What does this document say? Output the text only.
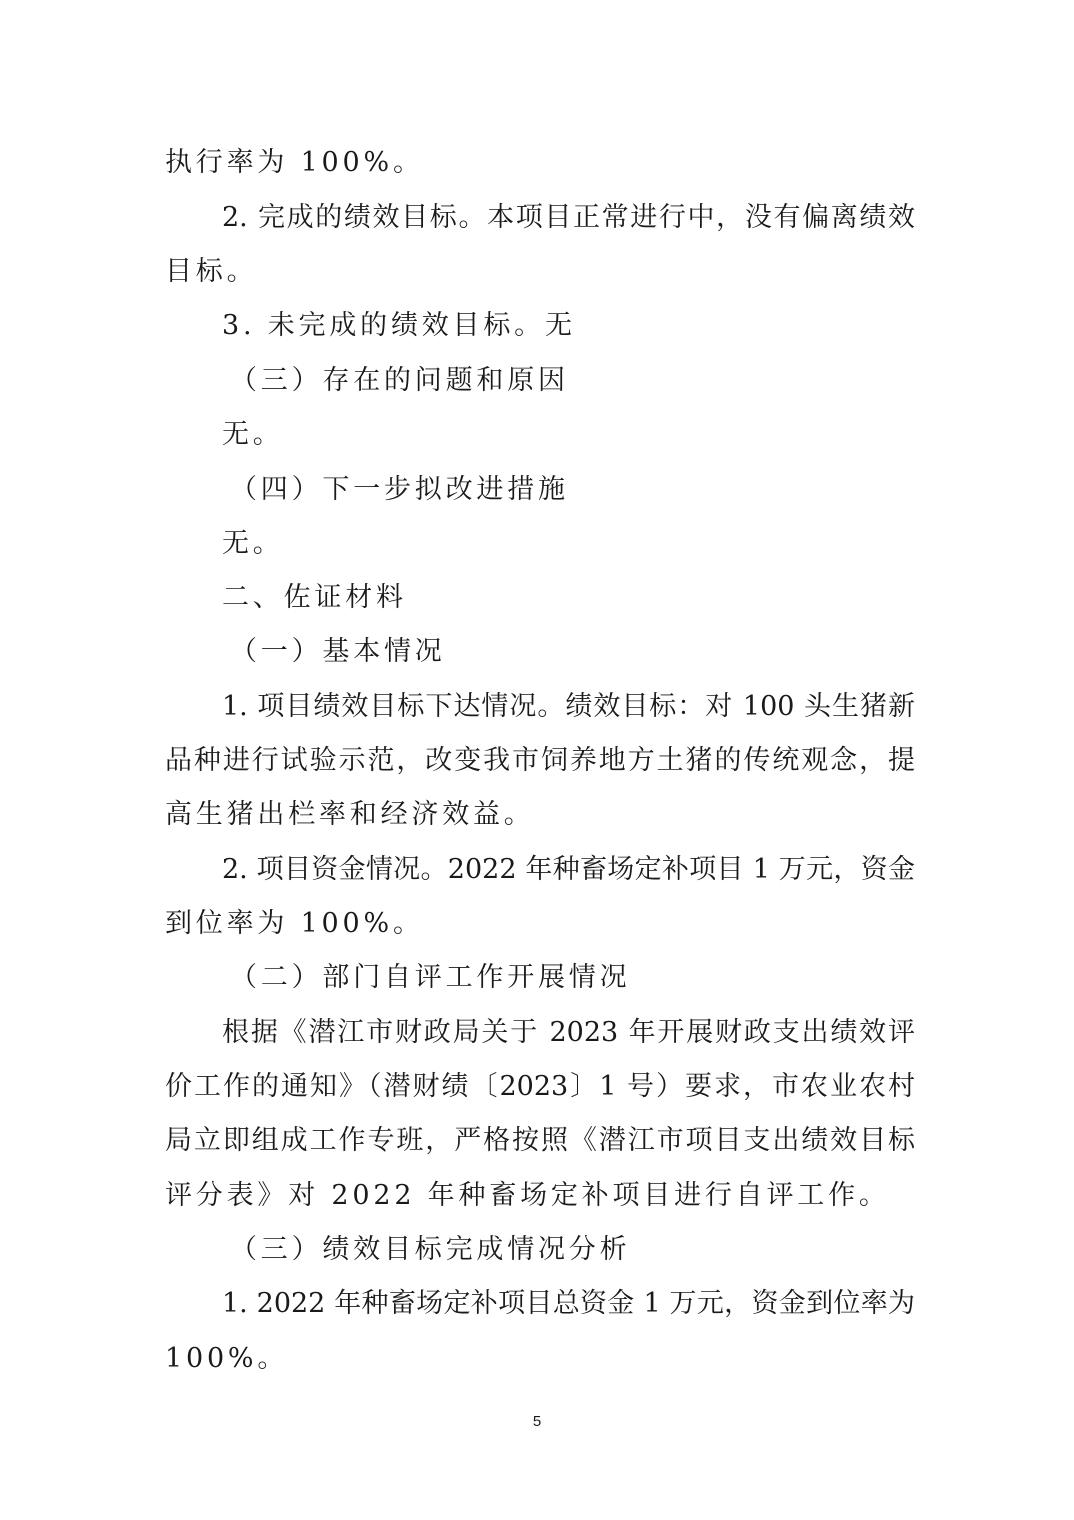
执行率为 100%。
2. 完成的绩效目标。本项目正常进行中，没有偏离绩效
目标。
3. 未完成的绩效目标。无
（三）存在的问题和原因
无。
（四）下一步拟改进措施
无。
二、佐证材料
（一）基本情况
1. 项目绩效目标下达情况。绩效目标：对 100 头生猪新
品种进行试验示范，改变我市饲养地方土猪的传统观念，提
高生猪出栏率和经济效益。
2. 项目资金情况。2022 年种畜场定补项目 1 万元，资金
到位率为 100%。
（二）部门自评工作开展情况
根据《潜江市财政局关于 2023 年开展财政支出绩效评
价工作的通知》（潜财绩〔2023〕1 号）要求，市农业农村
局立即组成工作专班，严格按照《潜江市项目支出绩效目标
评分表》对 2022 年种畜场定补项目进行自评工作。
（三）绩效目标完成情况分析
1. 2022 年种畜场定补项目总资金 1 万元，资金到位率为
100%。
5
